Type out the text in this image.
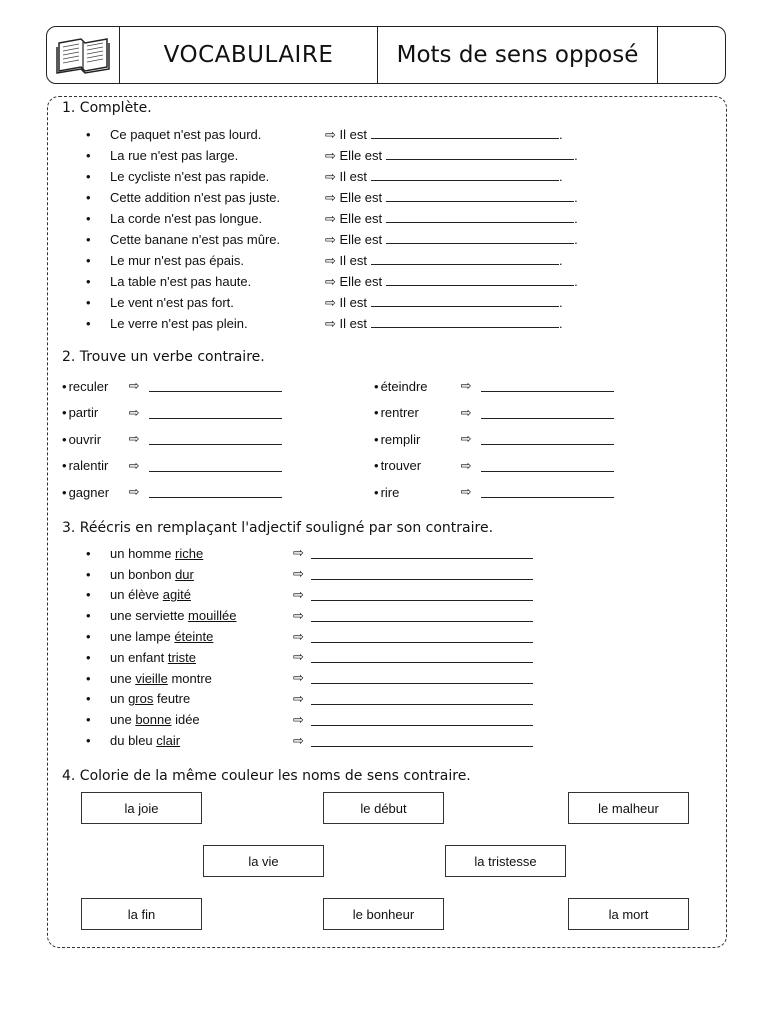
VOCABULAIRE	Mots de sens opposé
1. Complète.
•	Ce paquet n'est pas lourd.	⇨ Il est	.
•	La rue n'est pas large.	⇨ Elle est	.
•	Le cycliste n'est pas rapide.	⇨ Il est	.
•	Cette addition n'est pas juste.	⇨ Elle est	.
•	La corde n'est pas longue.	⇨ Elle est	.
•	Cette banane n'est pas mûre.	⇨ Elle est	.
•	Le mur n'est pas épais.	⇨ Il est	.
•	La table n'est pas haute.	⇨ Elle est	.
•	Le vent n'est pas fort.	⇨ Il est	.
•	Le verre n'est pas plein.	⇨ Il est	.
2. Trouve un verbe contraire.
• reculer	⇨
• partir	⇨
• ouvrir	⇨
• ralentir	⇨
• gagner	⇨
• éteindre	⇨
• rentrer	⇨
• remplir	⇨
• trouver	⇨
• rire	⇨
3. Réécris en remplaçant l'adjectif souligné par son contraire.
•	un homme riche	⇨
•	un bonbon dur	⇨
•	un élève agité	⇨
•	une serviette mouillée	⇨
•	une lampe éteinte	⇨
•	un enfant triste	⇨
•	une vieille montre	⇨
•	un gros feutre	⇨
•	une bonne idée	⇨
•	du bleu clair	⇨
4. Colorie de la même couleur les noms de sens contraire.
la joie	le début	le malheur
la vie	la tristesse
la fin	le bonheur	la mort
